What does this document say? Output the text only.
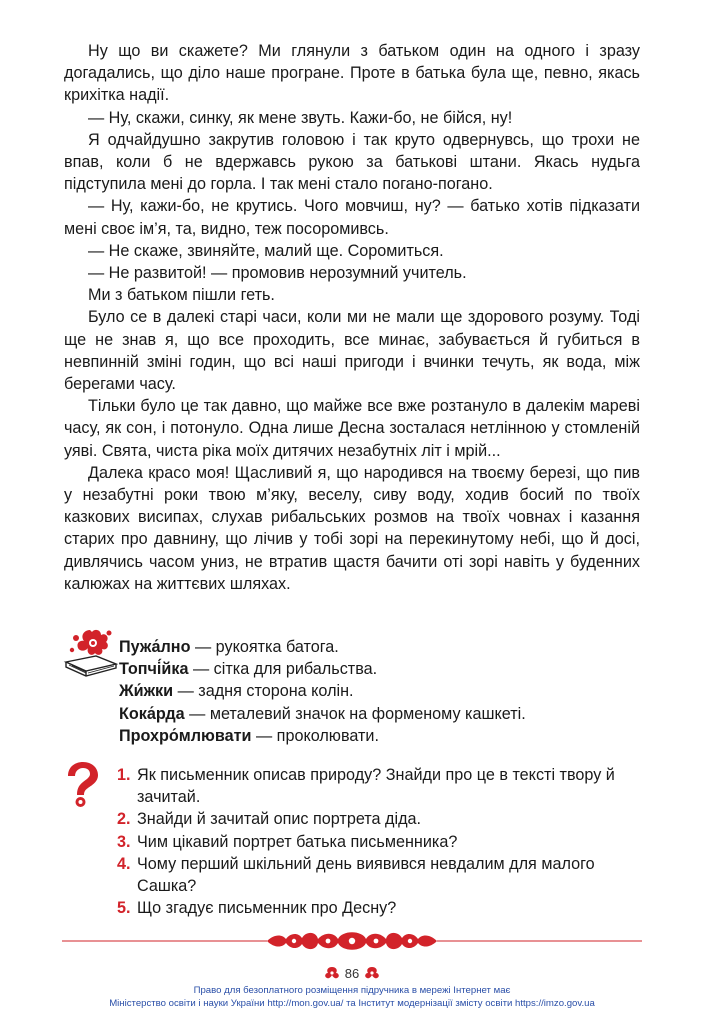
Ну що ви скажете? Ми глянули з батьком один на одного і зразу догадались, що діло наше програне. Проте в батька була ще, певно, якась крихітка надії.

— Ну, скажи, синку, як мене звуть. Кажи-бо, не бійся, ну!

Я одчайдушно закрутив головою і так круто одвернувсь, що трохи не впав, коли б не вдержавсь рукою за батькові штани. Якась нудьга підступила мені до горла. І так мені стало погано-погано.

— Ну, кажи-бо, не крутись. Чого мовчиш, ну? — батько хотів підказати мені своє ім’я, та, видно, теж посоромивсь.

— Не скаже, звиняйте, малий ще. Соромиться.

— Не развитой! — промовив нерозумний учитель.

Ми з батьком пішли геть.

Було се в далекі старі часи, коли ми не мали ще здорового розуму. Тоді ще не знав я, що все проходить, все минає, забувається й губиться в невпинній зміні годин, що всі наші пригоди і вчинки течуть, як вода, між берегами часу.

Тільки було це так давно, що майже все вже розтануло в далекім мареві часу, як сон, і потонуло. Одна лише Десна зосталася нетлінною у стомленій уяві. Свята, чиста ріка моїх дитячих незабутніх літ і мрій...

Далека красо моя! Щасливий я, що народився на твоєму березі, що пив у незабутні роки твою м’яку, веселу, сиву воду, ходив босий по твоїх казкових висипах, слухав рибальських розмов на твоїх човнах і казання старих про давнину, що лічив у тобі зорі на перекинутому небі, що й досі, дивлячись часом униз, не втратив щастя бачити оті зорі навіть у буденних калюжах на життєвих шляхах.

Пужа́лно — рукоятка батога.
Топчі́йка — сітка для рибальства.
Жи́жки — задня сторона колін.
Кока́рда — металевий значок на форменому кашкеті.
Прохро́млювати — проколювати.
1. Як письменник описав природу? Знайди про це в тексті твору й зачитай.
2. Знайди й зачитай опис портрета діда.
3. Чим цікавий портрет батька письменника?
4. Чому перший шкільний день виявився невдалим для малого Сашка?
5. Що згадує письменник про Десну?
86
Право для безоплатного розміщення підручника в мережі Інтернет має
Міністерство освіти і науки України http://mon.gov.ua/ та Інститут модернізації змісту освіти https://imzo.gov.ua
